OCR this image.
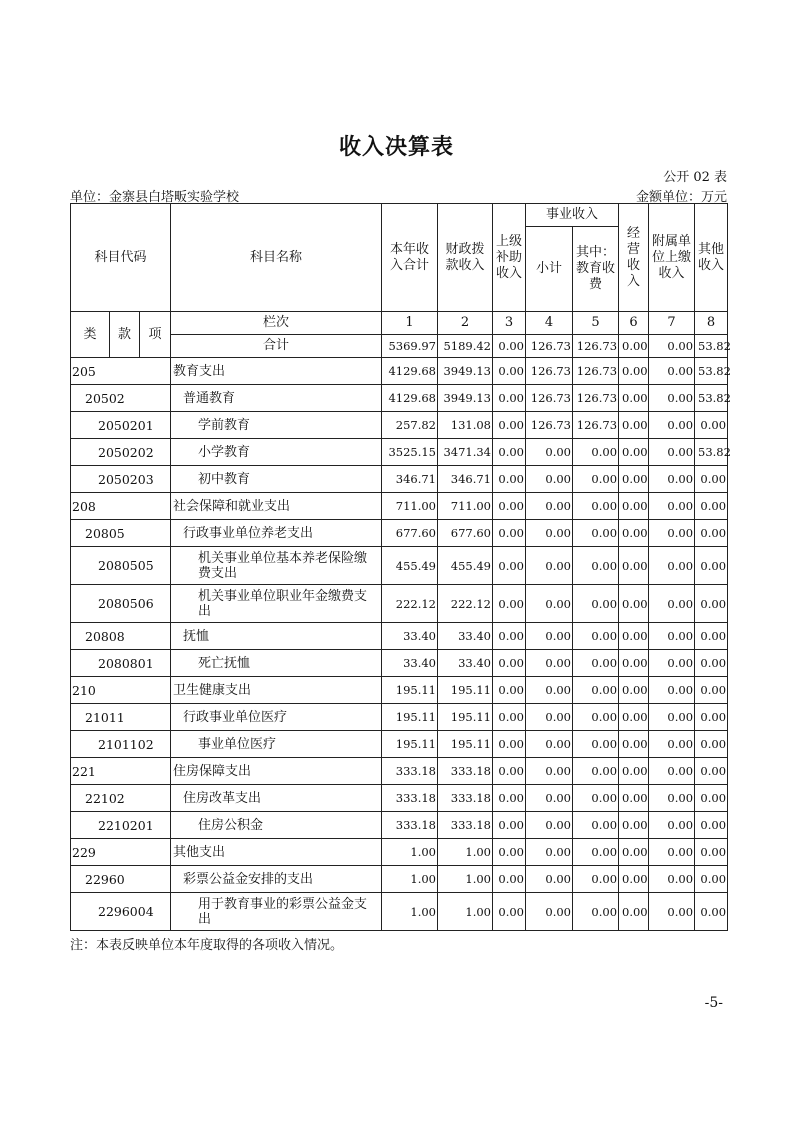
收入决算表
公开 02 表
单位：金寨县白塔畈实验学校	金额单位：万元
科目代码			科目名称	本年收入合计	财政拨款收入	上级补助收入	事业收入		经营收入	附属单位上缴收入	其他收入
							小计	其中：教育收费			
类	款	项	栏次	1	2	3	4	5	6	7	8
			合计	5369.97	5189.42	0.00	126.73	126.73	0.00	0.00	53.82
205			教育支出	4129.68	3949.13	0.00	126.73	126.73	0.00	0.00	53.82
20502			普通教育	4129.68	3949.13	0.00	126.73	126.73	0.00	0.00	53.82
2050201			学前教育	257.82	131.08	0.00	126.73	126.73	0.00	0.00	0.00
2050202			小学教育	3525.15	3471.34	0.00	0.00	0.00	0.00	0.00	53.82
2050203			初中教育	346.71	346.71	0.00	0.00	0.00	0.00	0.00	0.00
208			社会保障和就业支出	711.00	711.00	0.00	0.00	0.00	0.00	0.00	0.00
20805			行政事业单位养老支出	677.60	677.60	0.00	0.00	0.00	0.00	0.00	0.00
2080505			机关事业单位基本养老保险缴费支出	455.49	455.49	0.00	0.00	0.00	0.00	0.00	0.00
2080506			机关事业单位职业年金缴费支出	222.12	222.12	0.00	0.00	0.00	0.00	0.00	0.00
20808			抚恤	33.40	33.40	0.00	0.00	0.00	0.00	0.00	0.00
2080801			死亡抚恤	33.40	33.40	0.00	0.00	0.00	0.00	0.00	0.00
210			卫生健康支出	195.11	195.11	0.00	0.00	0.00	0.00	0.00	0.00
21011			行政事业单位医疗	195.11	195.11	0.00	0.00	0.00	0.00	0.00	0.00
2101102			事业单位医疗	195.11	195.11	0.00	0.00	0.00	0.00	0.00	0.00
221			住房保障支出	333.18	333.18	0.00	0.00	0.00	0.00	0.00	0.00
22102			住房改革支出	333.18	333.18	0.00	0.00	0.00	0.00	0.00	0.00
2210201			住房公积金	333.18	333.18	0.00	0.00	0.00	0.00	0.00	0.00
229			其他支出	1.00	1.00	0.00	0.00	0.00	0.00	0.00	0.00
22960			彩票公益金安排的支出	1.00	1.00	0.00	0.00	0.00	0.00	0.00	0.00
2296004			用于教育事业的彩票公益金支出	1.00	1.00	0.00	0.00	0.00	0.00	0.00	0.00
注：本表反映单位本年度取得的各项收入情况。
-5-
